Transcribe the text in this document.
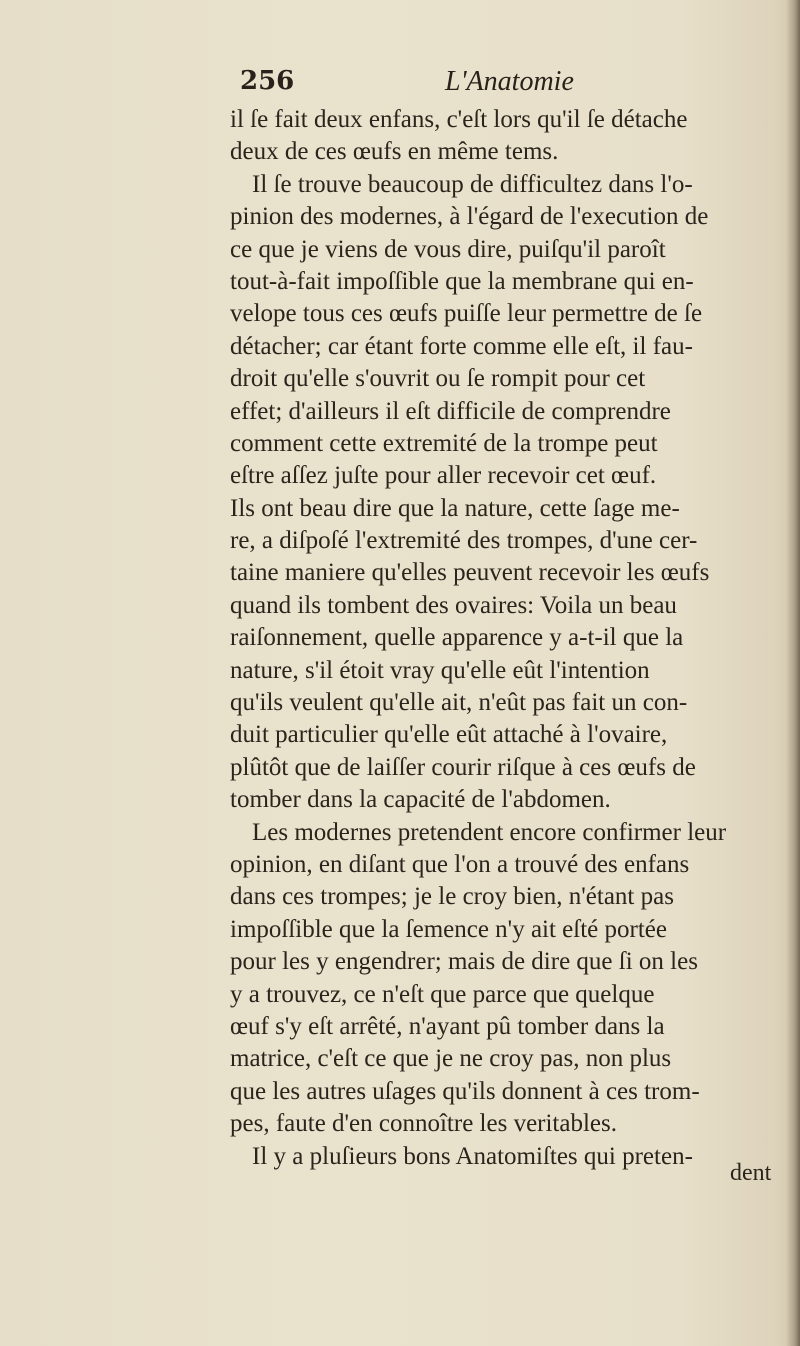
256	L'Anatomie
il ſe fait deux enfans, c'eſt lors qu'il ſe détache
deux de ces œufs en même tems.
Il ſe trouve beaucoup de difficultez dans l'o-
pinion des modernes, à l'égard de l'execution de
ce que je viens de vous dire, puiſqu'il paroît
tout-à-fait impoſſible que la membrane qui en-
velope tous ces œufs puiſſe leur permettre de ſe
détacher; car étant forte comme elle eſt, il fau-
droit qu'elle s'ouvrit ou ſe rompit pour cet
effet; d'ailleurs il eſt difficile de comprendre
comment cette extremité de la trompe peut
eſtre aſſez juſte pour aller recevoir cet œuf.
Ils ont beau dire que la nature, cette ſage me-
re, a diſpoſé l'extremité des trompes, d'une cer-
taine maniere qu'elles peuvent recevoir les œufs
quand ils tombent des ovaires: Voila un beau
raiſonnement, quelle apparence y a-t-il que la
nature, s'il étoit vray qu'elle eût l'intention
qu'ils veulent qu'elle ait, n'eût pas fait un con-
duit particulier qu'elle eût attaché à l'ovaire,
plûtôt que de laiſſer courir riſque à ces œufs de
tomber dans la capacité de l'abdomen.
Les modernes pretendent encore confirmer leur
opinion, en diſant que l'on a trouvé des enfans
dans ces trompes; je le croy bien, n'étant pas
impoſſible que la ſemence n'y ait eſté portée
pour les y engendrer; mais de dire que ſi on les
y a trouvez, ce n'eſt que parce que quelque
œuf s'y eſt arrêté, n'ayant pû tomber dans la
matrice, c'eſt ce que je ne croy pas, non plus
que les autres uſages qu'ils donnent à ces trom-
pes, faute d'en connoître les veritables.
Il y a pluſieurs bons Anatomiſtes qui preten-
dent
